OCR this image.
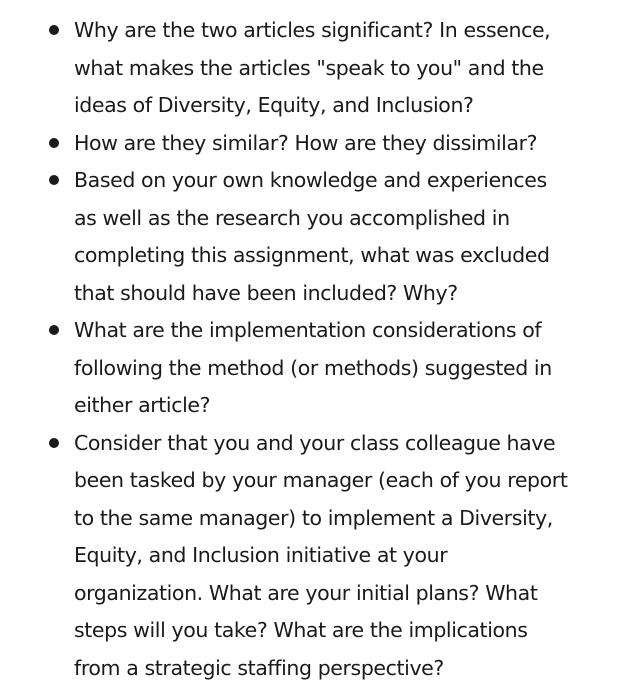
Why are the two articles significant? In essence,
what makes the articles "speak to you" and the
ideas of Diversity, Equity, and Inclusion?
How are they similar? How are they dissimilar?
Based on your own knowledge and experiences
as well as the research you accomplished in
completing this assignment, what was excluded
that should have been included? Why?
What are the implementation considerations of
following the method (or methods) suggested in
either article?
Consider that you and your class colleague have
been tasked by your manager (each of you report
to the same manager) to implement a Diversity,
Equity, and Inclusion initiative at your
organization. What are your initial plans? What
steps will you take? What are the implications
from a strategic staffing perspective?
